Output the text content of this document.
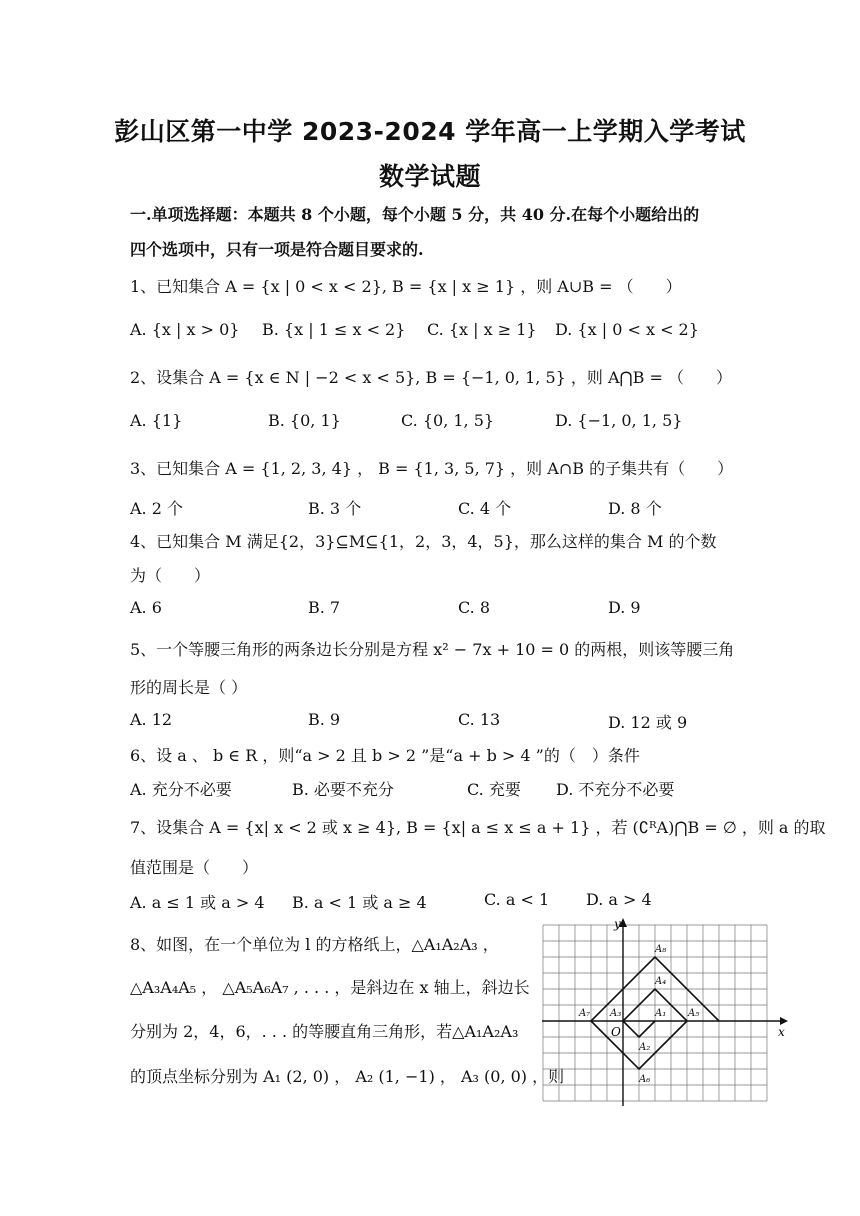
彭山区第一中学 2023-2024 学年高一上学期入学考试
数学试题
一.单项选择题：本题共 8 个小题，每个小题 5 分，共 40 分.在每个小题给出的
四个选项中，只有一项是符合题目要求的.
1、已知集合 A = {x | 0 < x < 2}, B = {x | x ≥ 1} ，则 A∪B = （　　）
A. {x | x > 0} B. {x | 1 ≤ x < 2} C. {x | x ≥ 1} D. {x | 0 < x < 2}
2、设集合 A = {x ∈ N | −2 < x < 5}, B = {−1, 0, 1, 5} ，则 A⋂B = （　　）
A. {1}	B. {0, 1}	C. {0, 1, 5}	D. {−1, 0, 1, 5}
3、已知集合 A = {1, 2, 3, 4} ， B = {1, 3, 5, 7} ，则 A∩B 的子集共有（　　）
A. 2 个	B. 3 个	C. 4 个	D. 8 个
4、已知集合 M 满足{2，3}⊆M⊆{1，2，3，4，5}，那么这样的集合 M 的个数
为（　　）
A. 6	B. 7	C. 8	D. 9
5、一个等腰三角形的两条边长分别是方程 x² − 7x + 10 = 0 的两根，则该等腰三角
形的周长是（ ）
A. 12	B. 9	C. 13	D. 12 或 9
6、设 a 、 b ∈ R ，则“a > 2 且 b > 2 ”是“a + b > 4 ”的（　）条件
A. 充分不必要	B. 必要不充分	C. 充要 D. 不充分不必要
7、设集合 A = {x| x < 2 或 x ≥ 4}, B = {x| a ≤ x ≤ a + 1} ，若 (∁ᴿA)⋂B = ∅ ，则 a 的取
值范围是（　　）
A. a ≤ 1 或 a > 4 B. a < 1 或 a ≥ 4	C. a < 1 D. a > 4
8、如图，在一个单位为 l 的方格纸上，△A₁A₂A₃ ，
△A₃A₄A₅ ， △A₅A₆A₇ , . . . ，是斜边在 x 轴上，斜边长
分别为 2，4，6，. . . 的等腰直角三角形，若△A₁A₂A₃
的顶点坐标分别为 A₁ (2, 0) ， A₂ (1, −1) ， A₃ (0, 0) ，则
x
y
O
A₁
A₂
A₃
A₄
A₅
A₆
A₇
A₈
